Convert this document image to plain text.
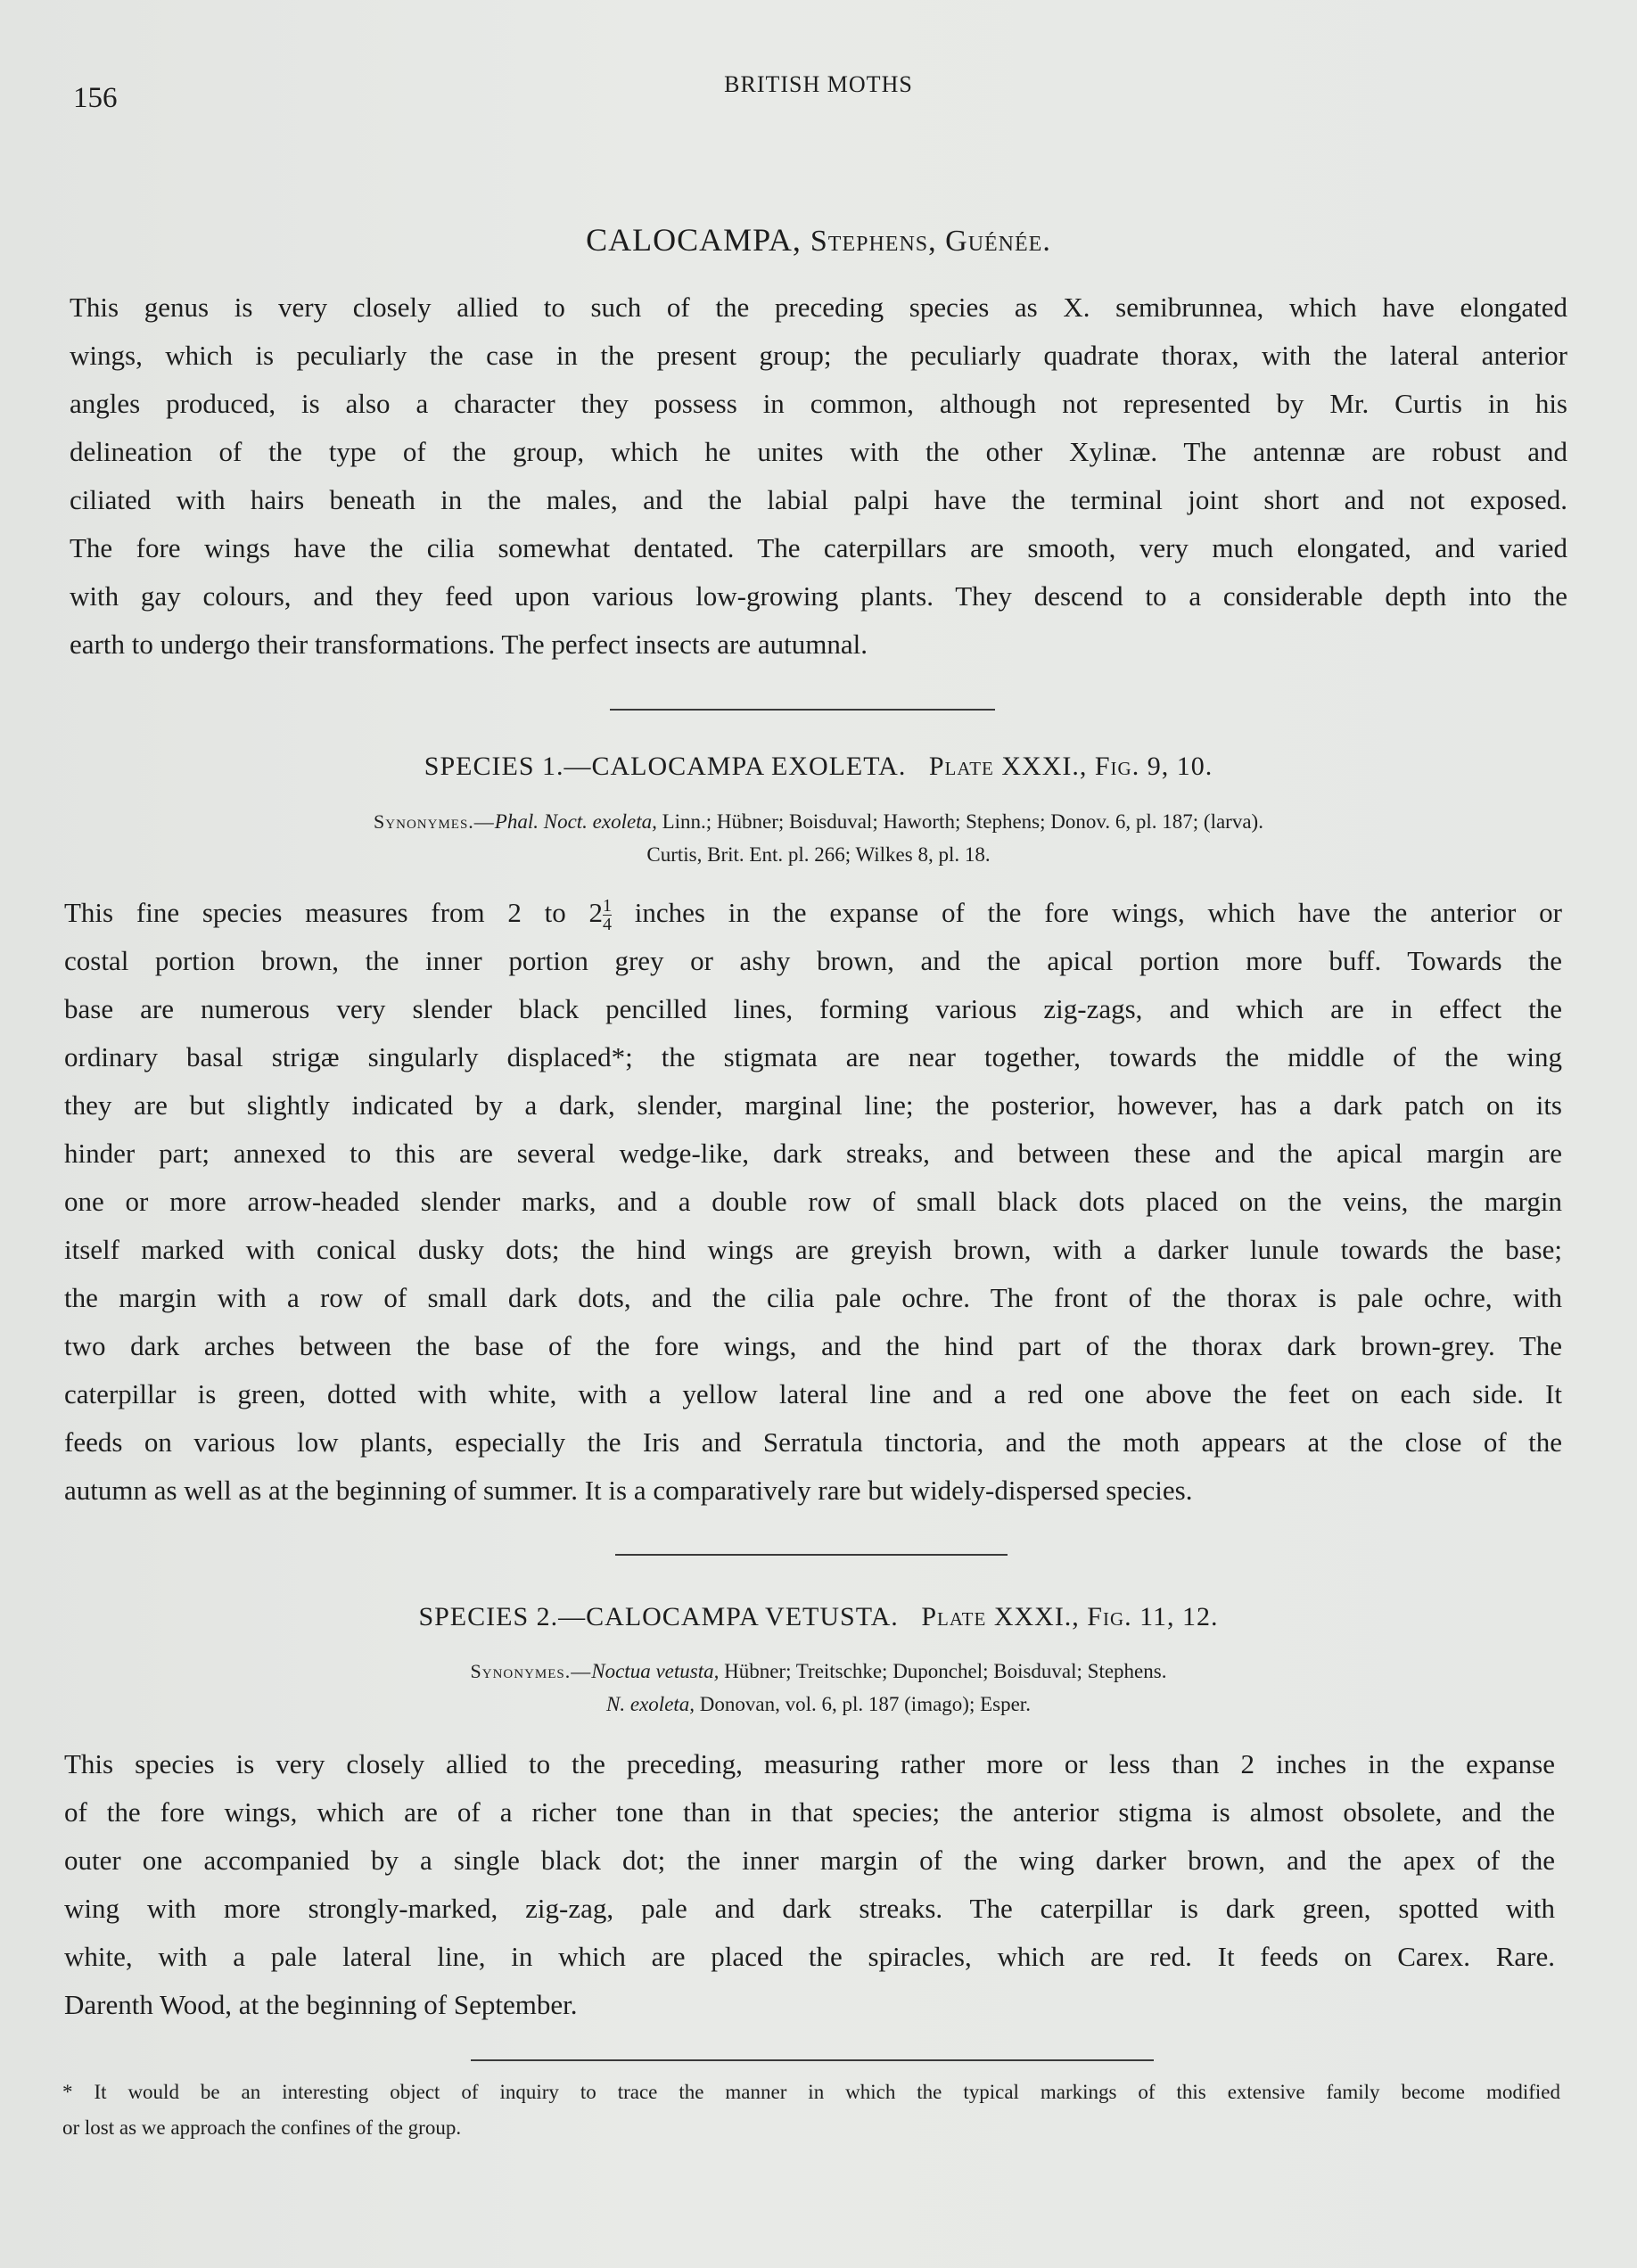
156	BRITISH MOTHS
CALOCAMPA, Stephens, Guénée.
This genus is very closely allied to such of the preceding species as X. semibrunnea, which have elongated
wings, which is peculiarly the case in the present group; the peculiarly quadrate thorax, with the lateral anterior
angles produced, is also a character they possess in common, although not represented by Mr. Curtis in his
delineation of the type of the group, which he unites with the other Xylinæ. The antennæ are robust and
ciliated with hairs beneath in the males, and the labial palpi have the terminal joint short and not exposed.
The fore wings have the cilia somewhat dentated. The caterpillars are smooth, very much elongated, and varied
with gay colours, and they feed upon various low-growing plants. They descend to a considerable depth into the
earth to undergo their transformations. The perfect insects are autumnal.
SPECIES 1.—CALOCAMPA EXOLETA. Plate XXXI., Fig. 9, 10.
Synonymes.—Phal. Noct. exoleta, Linn.; Hübner; Boisduval; Haworth; Stephens; Donov. 6, pl. 187; (larva).
Curtis, Brit. Ent. pl. 266; Wilkes 8, pl. 18.
This fine species measures from 2 to $2 \frac{1}{4}$ inches in the expanse of the fore wings, which have the anterior or
costal portion brown, the inner portion grey or ashy brown, and the apical portion more buff. Towards the
base are numerous very slender black pencilled lines, forming various zig-zags, and which are in effect the
ordinary basal strigæ singularly displaced*; the stigmata are near together, towards the middle of the wing
they are but slightly indicated by a dark, slender, marginal line; the posterior, however, has a dark patch on its
hinder part; annexed to this are several wedge-like, dark streaks, and between these and the apical margin are
one or more arrow-headed slender marks, and a double row of small black dots placed on the veins, the margin
itself marked with conical dusky dots; the hind wings are greyish brown, with a darker lunule towards the base;
the margin with a row of small dark dots, and the cilia pale ochre. The front of the thorax is pale ochre, with
two dark arches between the base of the fore wings, and the hind part of the thorax dark brown-grey. The
caterpillar is green, dotted with white, with a yellow lateral line and a red one above the feet on each side. It
feeds on various low plants, especially the Iris and Serratula tinctoria, and the moth appears at the close of the
autumn as well as at the beginning of summer. It is a comparatively rare but widely-dispersed species.
SPECIES 2.—CALOCAMPA VETUSTA. Plate XXXI., Fig. 11, 12.
Synonymes.—Noctua vetusta, Hübner; Treitschke; Duponchel; Boisduval; Stephens.
N. exoleta, Donovan, vol. 6, pl. 187 (imago); Esper.
This species is very closely allied to the preceding, measuring rather more or less than 2 inches in the expanse
of the fore wings, which are of a richer tone than in that species; the anterior stigma is almost obsolete, and the
outer one accompanied by a single black dot; the inner margin of the wing darker brown, and the apex of the
wing with more strongly-marked, zig-zag, pale and dark streaks. The caterpillar is dark green, spotted with
white, with a pale lateral line, in which are placed the spiracles, which are red. It feeds on Carex. Rare.
Darenth Wood, at the beginning of September.
* It would be an interesting object of inquiry to trace the manner in which the typical markings of this extensive family become modified
or lost as we approach the confines of the group.
